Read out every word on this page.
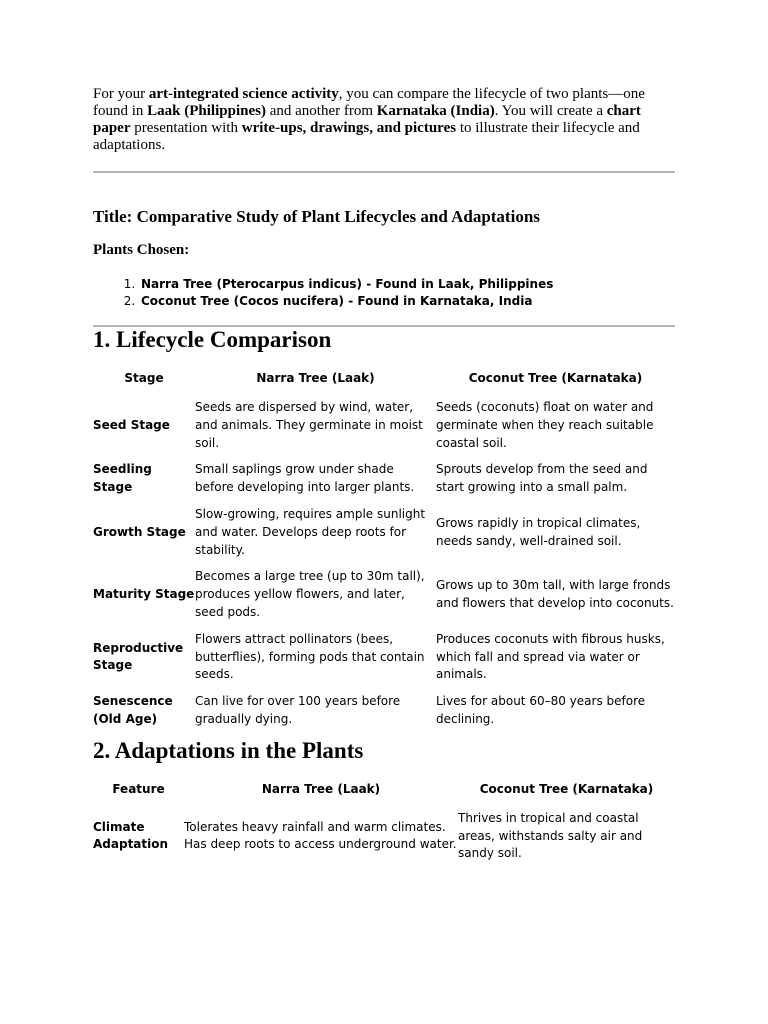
For your art-integrated science activity, you can compare the lifecycle of two plants—one found in Laak (Philippines) and another from Karnataka (India). You will create a chart paper presentation with write-ups, drawings, and pictures to illustrate their lifecycle and adaptations.

Title: Comparative Study of Plant Lifecycles and Adaptations

Plants Chosen:

1. Narra Tree (Pterocarpus indicus) - Found in Laak, Philippines
2. Coconut Tree (Cocos nucifera) - Found in Karnataka, India
1. Lifecycle Comparison
Stage	Narra Tree (Laak)	Coconut Tree (Karnataka)
Seed Stage	Seeds are dispersed by wind, water, and animals. They germinate in moist soil.	Seeds (coconuts) float on water and germinate when they reach suitable coastal soil.
Seedling Stage	Small saplings grow under shade before developing into larger plants.	Sprouts develop from the seed and start growing into a small palm.
Growth Stage	Slow-growing, requires ample sunlight and water. Develops deep roots for stability.	Grows rapidly in tropical climates, needs sandy, well-drained soil.
Maturity Stage	Becomes a large tree (up to 30m tall), produces yellow flowers, and later, seed pods.	Grows up to 30m tall, with large fronds and flowers that develop into coconuts.
Reproductive Stage	Flowers attract pollinators (bees, butterflies), forming pods that contain seeds.	Produces coconuts with fibrous husks, which fall and spread via water or animals.
Senescence (Old Age)	Can live for over 100 years before gradually dying.	Lives for about 60–80 years before declining.
2. Adaptations in the Plants
Feature	Narra Tree (Laak)	Coconut Tree (Karnataka)
Climate Adaptation	Tolerates heavy rainfall and warm climates. Has deep roots to access underground water.	Thrives in tropical and coastal areas, withstands salty air and sandy soil.
